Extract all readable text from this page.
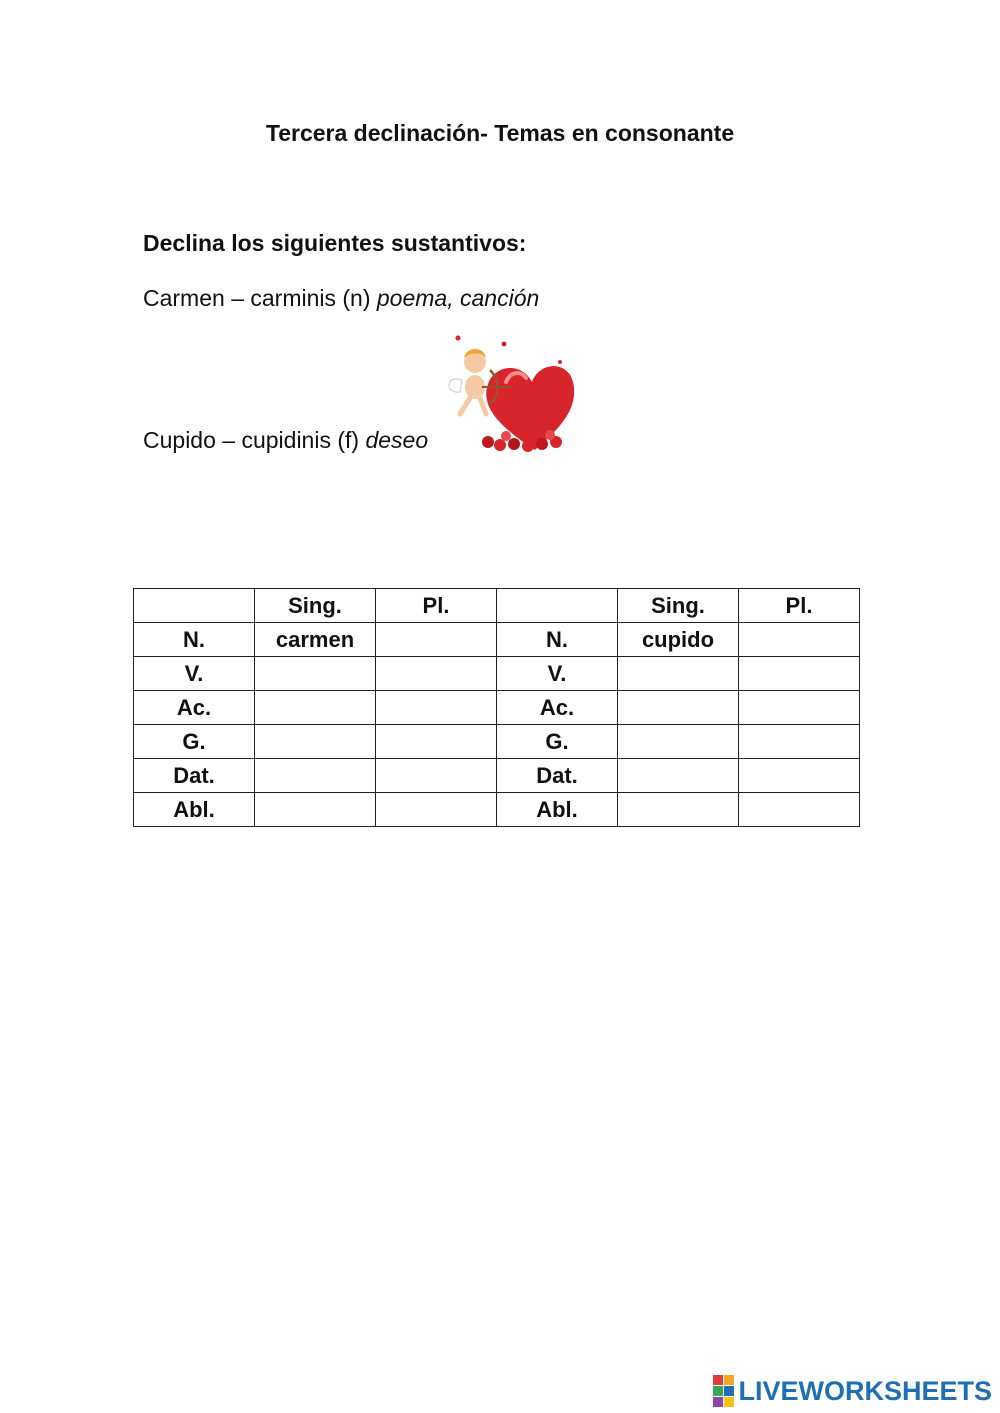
Tercera declinación- Temas en consonante

Declina los siguientes sustantivos:

Carmen – carminis (n) poema, canción

Cupido – cupidinis (f) deseo

	Sing.	Pl.		Sing.	Pl.
N.	carmen		N.	cupido	
V.			V.		
Ac.			Ac.		
G.			G.		
Dat.			Dat.		
Abl.			Abl.		
LIVEWORKSHEETS
